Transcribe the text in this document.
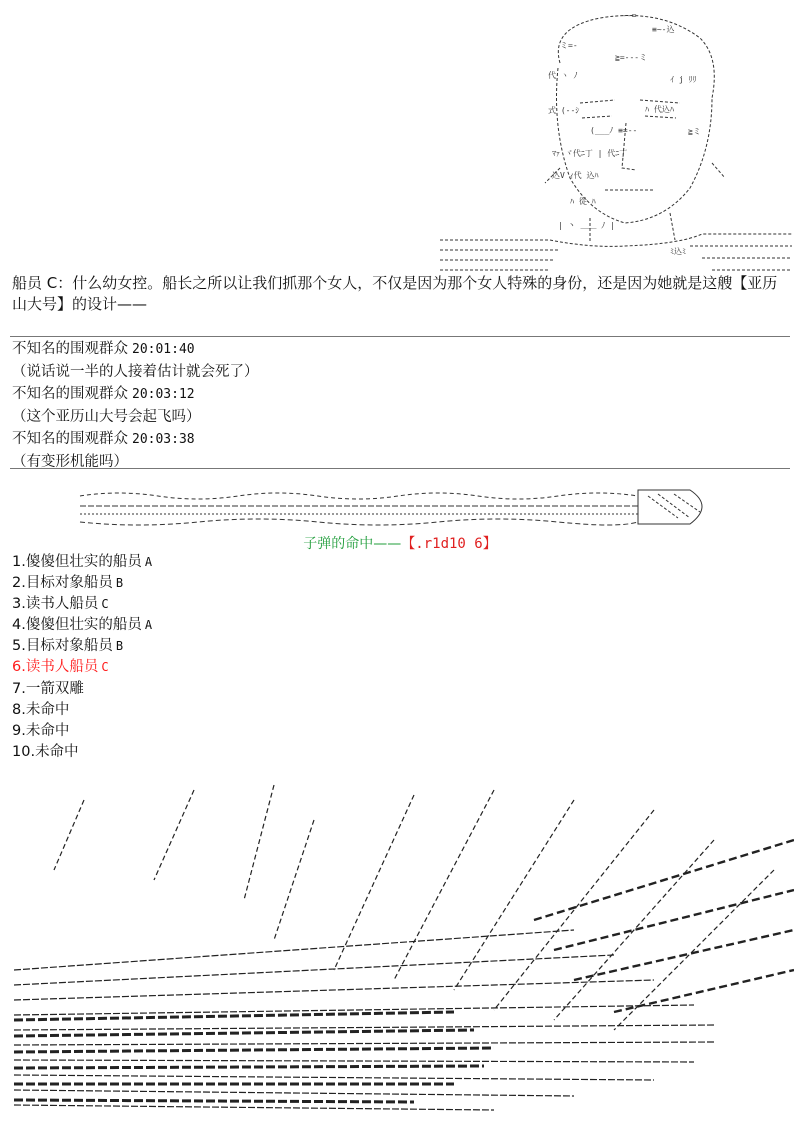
--=
≡~-込
ミ=-
≧=---ミ
代 ヽ ﾉ	ｲ j ﾘﾘ
式 (--ｼ	ﾊ 代込ﾊ
(___ﾉ ≡=--	≧ミ
ﾏｧ ヾ代ﾆ丁 | 代ﾆ丁
込V ｨ代 込ﾊ
ﾊ 從 ﾊ
| 丶 ＿＿ ﾉ |
ﾐ込ﾐ

船员 C：什么幼女控。船长之所以让我们抓那个女人，不仅是因为那个女人特殊的身份，还是因为她就是这艘【亚历山大号】的设计——

不知名的围观群众 20:01:40
（说话说一半的人接着估计就会死了）
不知名的围观群众 20:03:12
（这个亚历山大号会起飞吗）
不知名的围观群众 20:03:38
（有变形机能吗）
子弹的命中——【.r1d10 6】
1.傻傻但壮实的船员 A
2.目标对象船员 B
3.读书人船员 C
4.傻傻但壮实的船员 A
5.目标对象船员 B
6.读书人船员 C
7.一箭双雕
8.未命中
9.未命中
10.未命中
